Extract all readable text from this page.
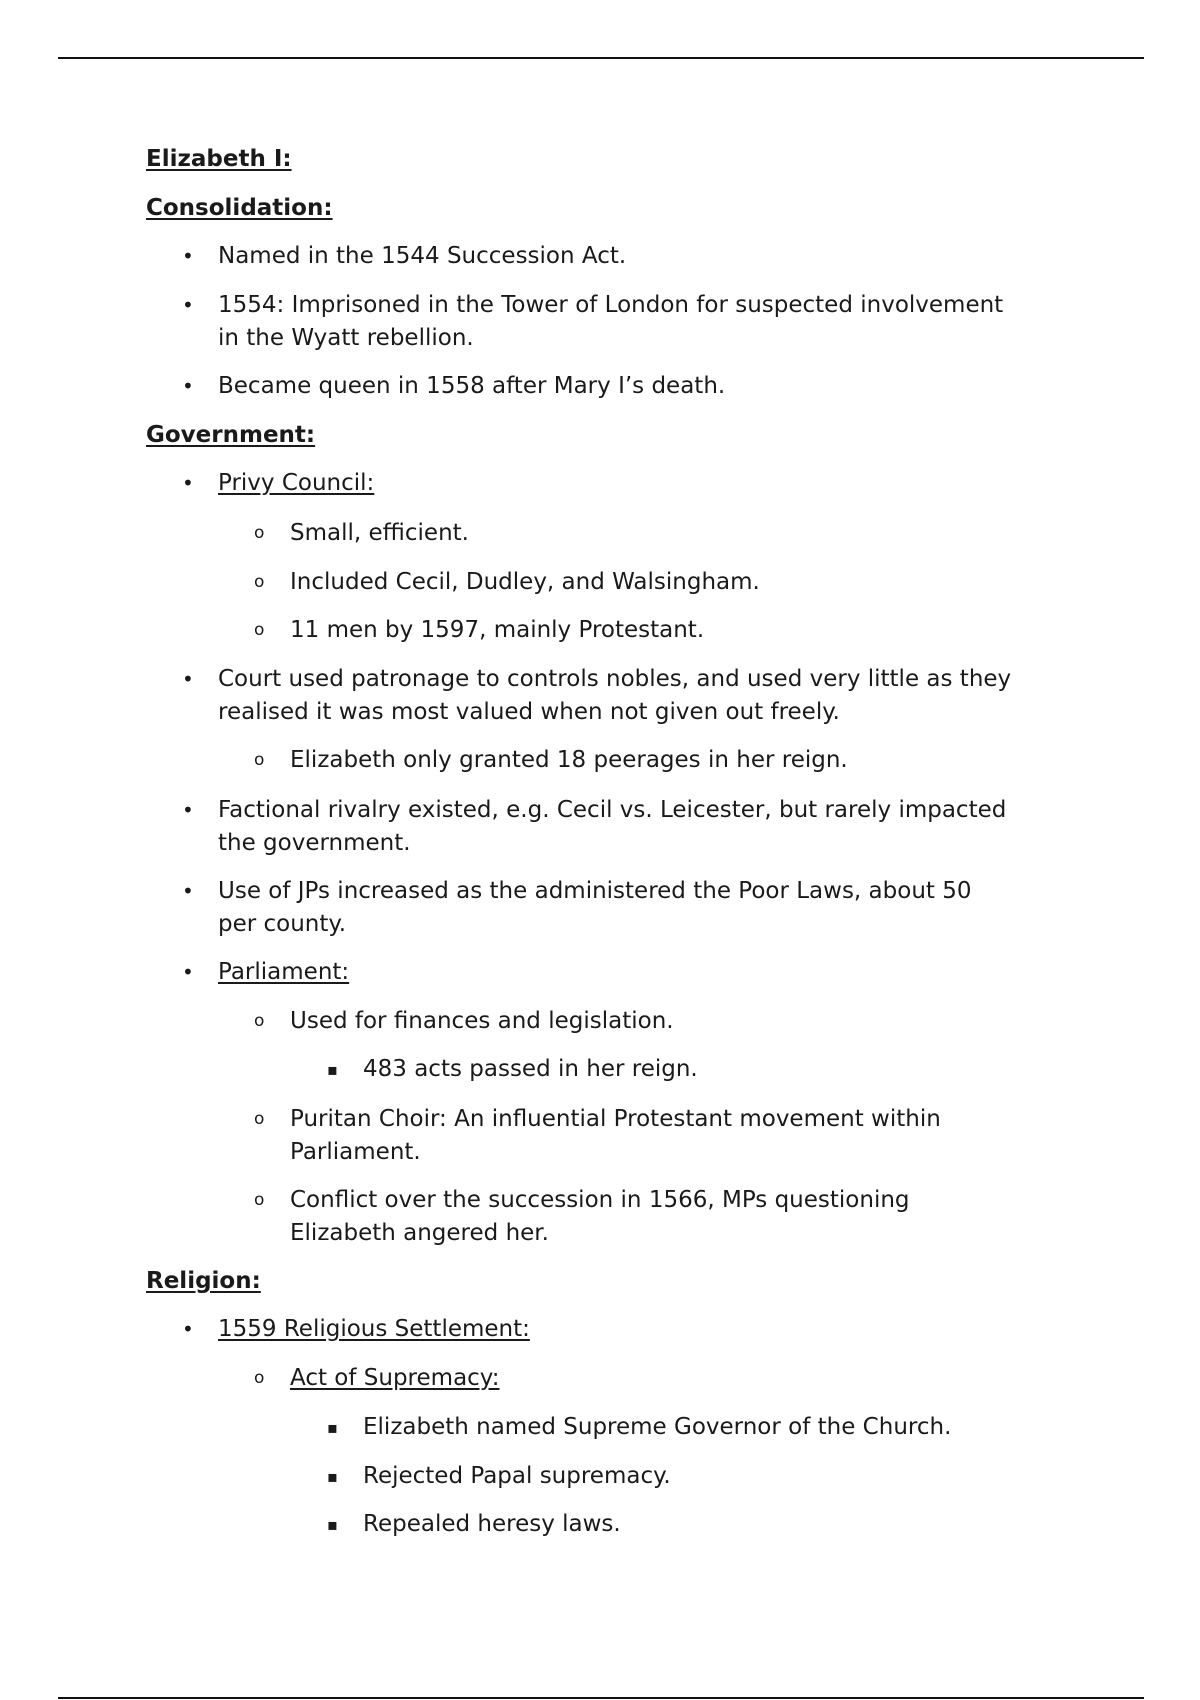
Elizabeth I:
Consolidation:
• Named in the 1544 Succession Act.
• 1554: Imprisoned in the Tower of London for suspected involvement
in the Wyatt rebellion.
• Became queen in 1558 after Mary I’s death.
Government:
• Privy Council:
o Small, efficient.
o Included Cecil, Dudley, and Walsingham.
o 11 men by 1597, mainly Protestant.
• Court used patronage to controls nobles, and used very little as they
realised it was most valued when not given out freely.
o Elizabeth only granted 18 peerages in her reign.
• Factional rivalry existed, e.g. Cecil vs. Leicester, but rarely impacted
the government.
• Use of JPs increased as the administered the Poor Laws, about 50
per county.
• Parliament:
o Used for finances and legislation.
▪ 483 acts passed in her reign.
o Puritan Choir: An influential Protestant movement within
Parliament.
o Conflict over the succession in 1566, MPs questioning
Elizabeth angered her.
Religion:
• 1559 Religious Settlement:
o Act of Supremacy:
▪ Elizabeth named Supreme Governor of the Church.
▪ Rejected Papal supremacy.
▪ Repealed heresy laws.
